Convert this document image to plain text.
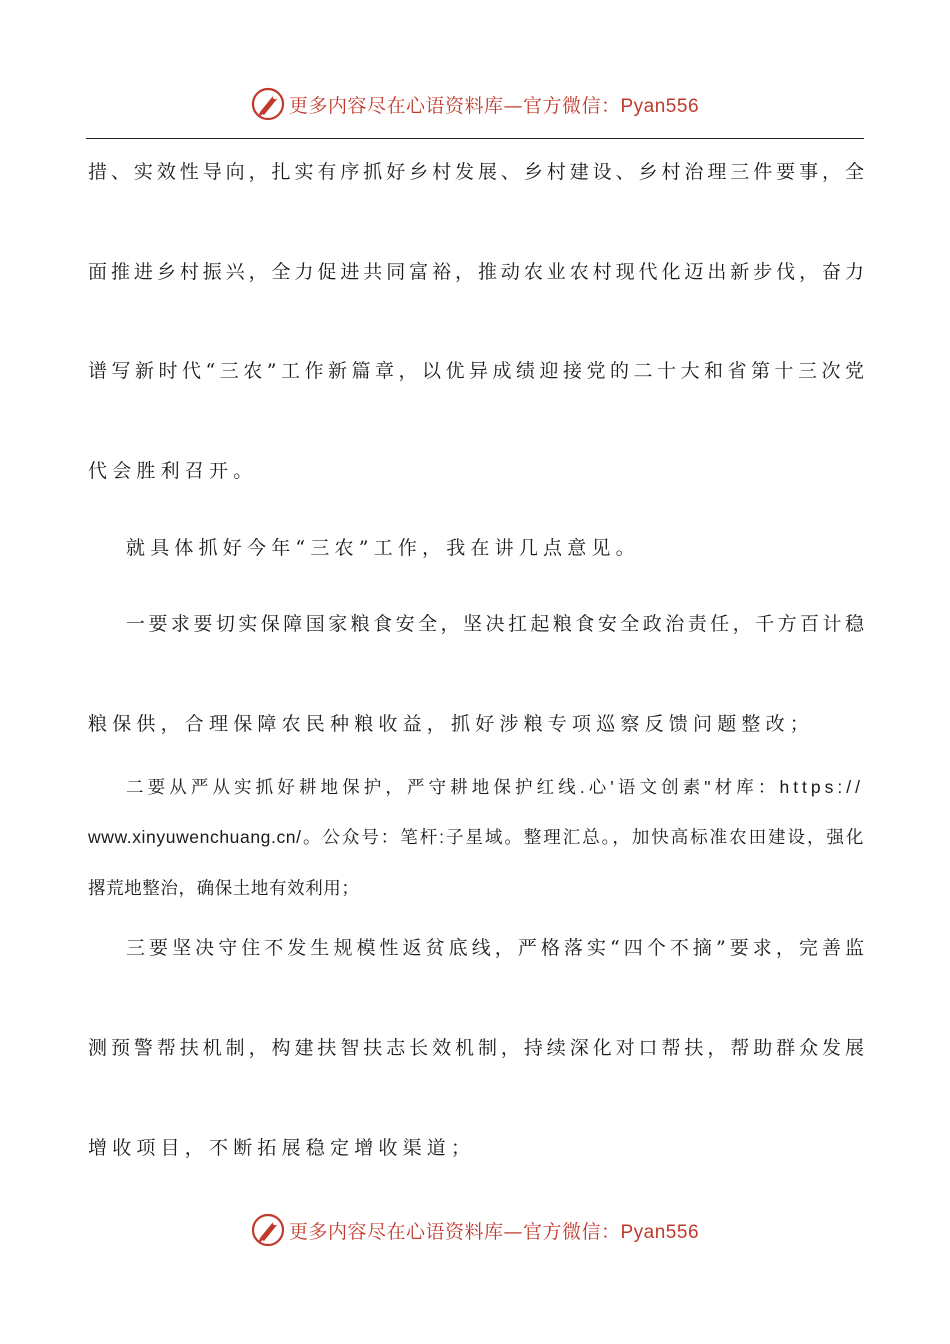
更多内容尽在心语资料库—官方微信：Pyan556
措、实效性导向，扎实有序抓好乡村发展、乡村建设、乡村治理三件要事，全
面推进乡村振兴，全力促进共同富裕，推动农业农村现代化迈出新步伐，奋力
谱写新时代“三农”工作新篇章，以优异成绩迎接党的二十大和省第十三次党
代会胜利召开。
就具体抓好今年“三农”工作，我在讲几点意见。
一要求要切实保障国家粮食安全，坚决扛起粮食安全政治责任，千方百计稳
粮保供，合理保障农民种粮收益，抓好涉粮专项巡察反馈问题整改；
二要从严从实抓好耕地保护，严守耕地保护红线.心'语文创素"材库：https://
www.xinyuwenchuang.cn/。公众号：笔杆:子星域。整理汇总。，加快高标准农田建设，强化
撂荒地整治，确保土地有效利用；
三要坚决守住不发生规模性返贫底线，严格落实“四个不摘”要求，完善监
测预警帮扶机制，构建扶智扶志长效机制，持续深化对口帮扶，帮助群众发展
增收项目，不断拓展稳定增收渠道；
更多内容尽在心语资料库—官方微信：Pyan556
